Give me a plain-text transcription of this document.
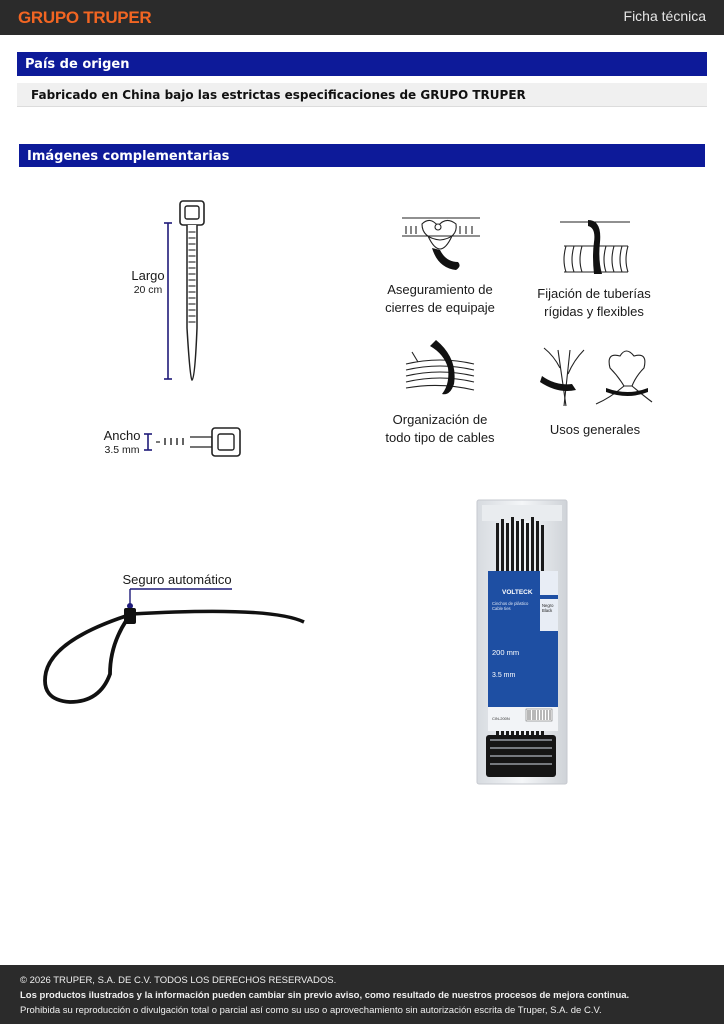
GRUPO TRUPER	Ficha técnica
País de origen
Fabricado en China bajo las estrictas especificaciones de GRUPO TRUPER
Imágenes complementarias
Largo
20 cm
Ancho
3.5 mm
Aseguramiento de cierres de equipaje
Fijación de tuberías rígidas y flexibles
Organización de todo tipo de cables
Usos generales
Seguro automático
VOLTECK
Cinchos de plástico
Cable ties
Negro
Black
200 mm
3.5 mm
CIN-200N
© 2026 TRUPER, S.A. DE C.V. TODOS LOS DERECHOS RESERVADOS.
Los productos ilustrados y la información pueden cambiar sin previo aviso, como resultado de nuestros procesos de mejora continua.
Prohibida su reproducción o divulgación total o parcial así como su uso o aprovechamiento sin autorización escrita de Truper, S.A. de C.V.
